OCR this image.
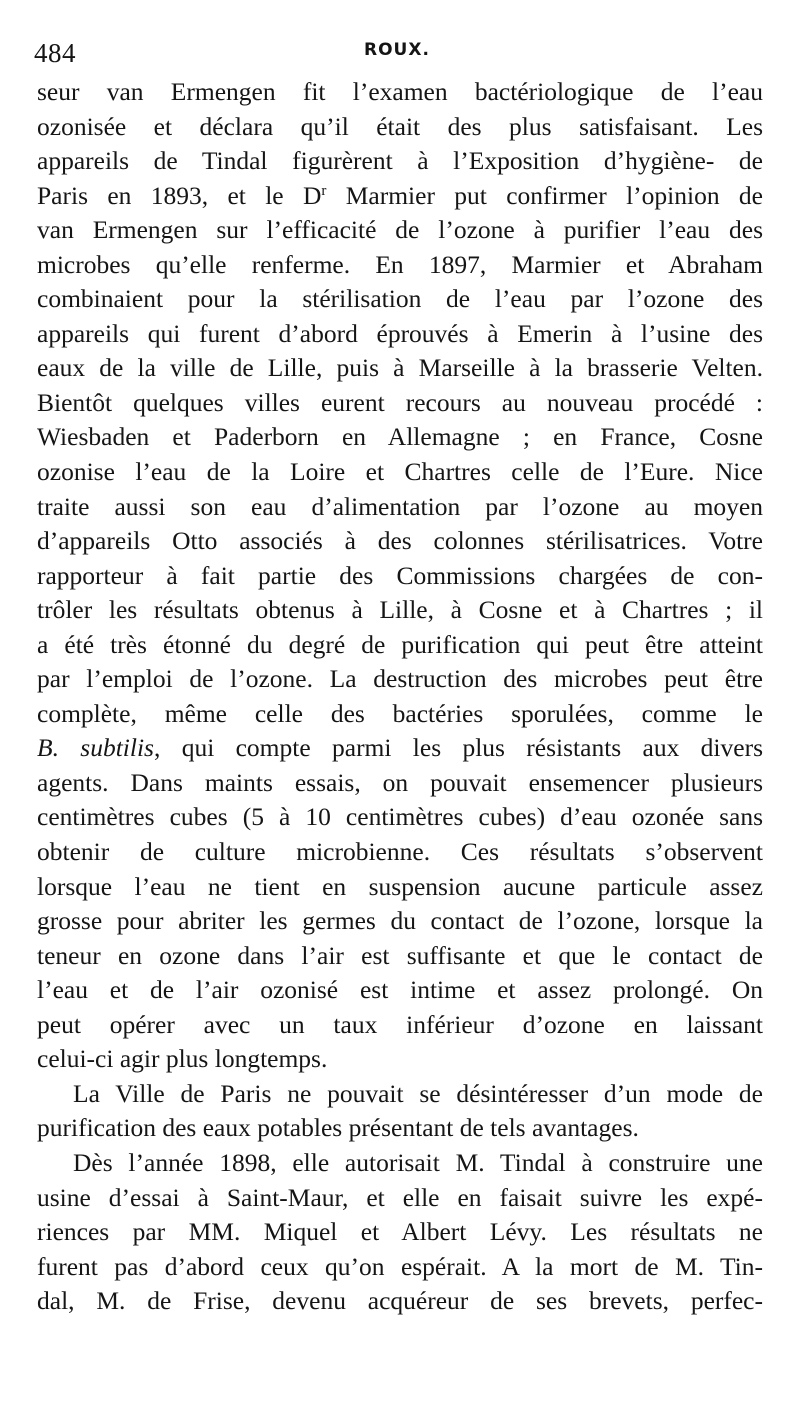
484	ROUX.
seur van Ermengen fit l’examen bactériologique de l’eau
ozonisée et déclara qu’il était des plus satisfaisant. Les
appareils de Tindal figurèrent à l’Exposition d’hygiène- de
Paris en 1893, et le $D^r$ Marmier put confirmer l’opinion de
van Ermengen sur l’efficacité de l’ozone à purifier l’eau des
microbes qu’elle renferme. En 1897, Marmier et Abraham
combinaient pour la stérilisation de l’eau par l’ozone des
appareils qui furent d’abord éprouvés à Emerin à l’usine des
eaux de la ville de Lille, puis à Marseille à la brasserie Velten.
Bientôt quelques villes eurent recours au nouveau procédé :
Wiesbaden et Paderborn en Allemagne ; en France, Cosne
ozonise l’eau de la Loire et Chartres celle de l’Eure. Nice
traite aussi son eau d’alimentation par l’ozone au moyen
d’appareils Otto associés à des colonnes stérilisatrices. Votre
rapporteur à fait partie des Commissions chargées de con-
trôler les résultats obtenus à Lille, à Cosne et à Chartres ; il
a été très étonné du degré de purification qui peut être atteint
par l’emploi de l’ozone. La destruction des microbes peut être
complète, même celle des bactéries sporulées, comme le
B. subtilis, qui compte parmi les plus résistants aux divers
agents. Dans maints essais, on pouvait ensemencer plusieurs
centimètres cubes (5 à 10 centimètres cubes) d’eau ozonée sans
obtenir de culture microbienne. Ces résultats s’observent
lorsque l’eau ne tient en suspension aucune particule assez
grosse pour abriter les germes du contact de l’ozone, lorsque la
teneur en ozone dans l’air est suffisante et que le contact de
l’eau et de l’air ozonisé est intime et assez prolongé. On
peut opérer avec un taux inférieur d’ozone en laissant
celui-ci agir plus longtemps.
La Ville de Paris ne pouvait se désintéresser d’un mode de
purification des eaux potables présentant de tels avantages.
Dès l’année 1898, elle autorisait M. Tindal à construire une
usine d’essai à Saint-Maur, et elle en faisait suivre les expé-
riences par MM. Miquel et Albert Lévy. Les résultats ne
furent pas d’abord ceux qu’on espérait. A la mort de M. Tin-
dal, M. de Frise, devenu acquéreur de ses brevets, perfec-
